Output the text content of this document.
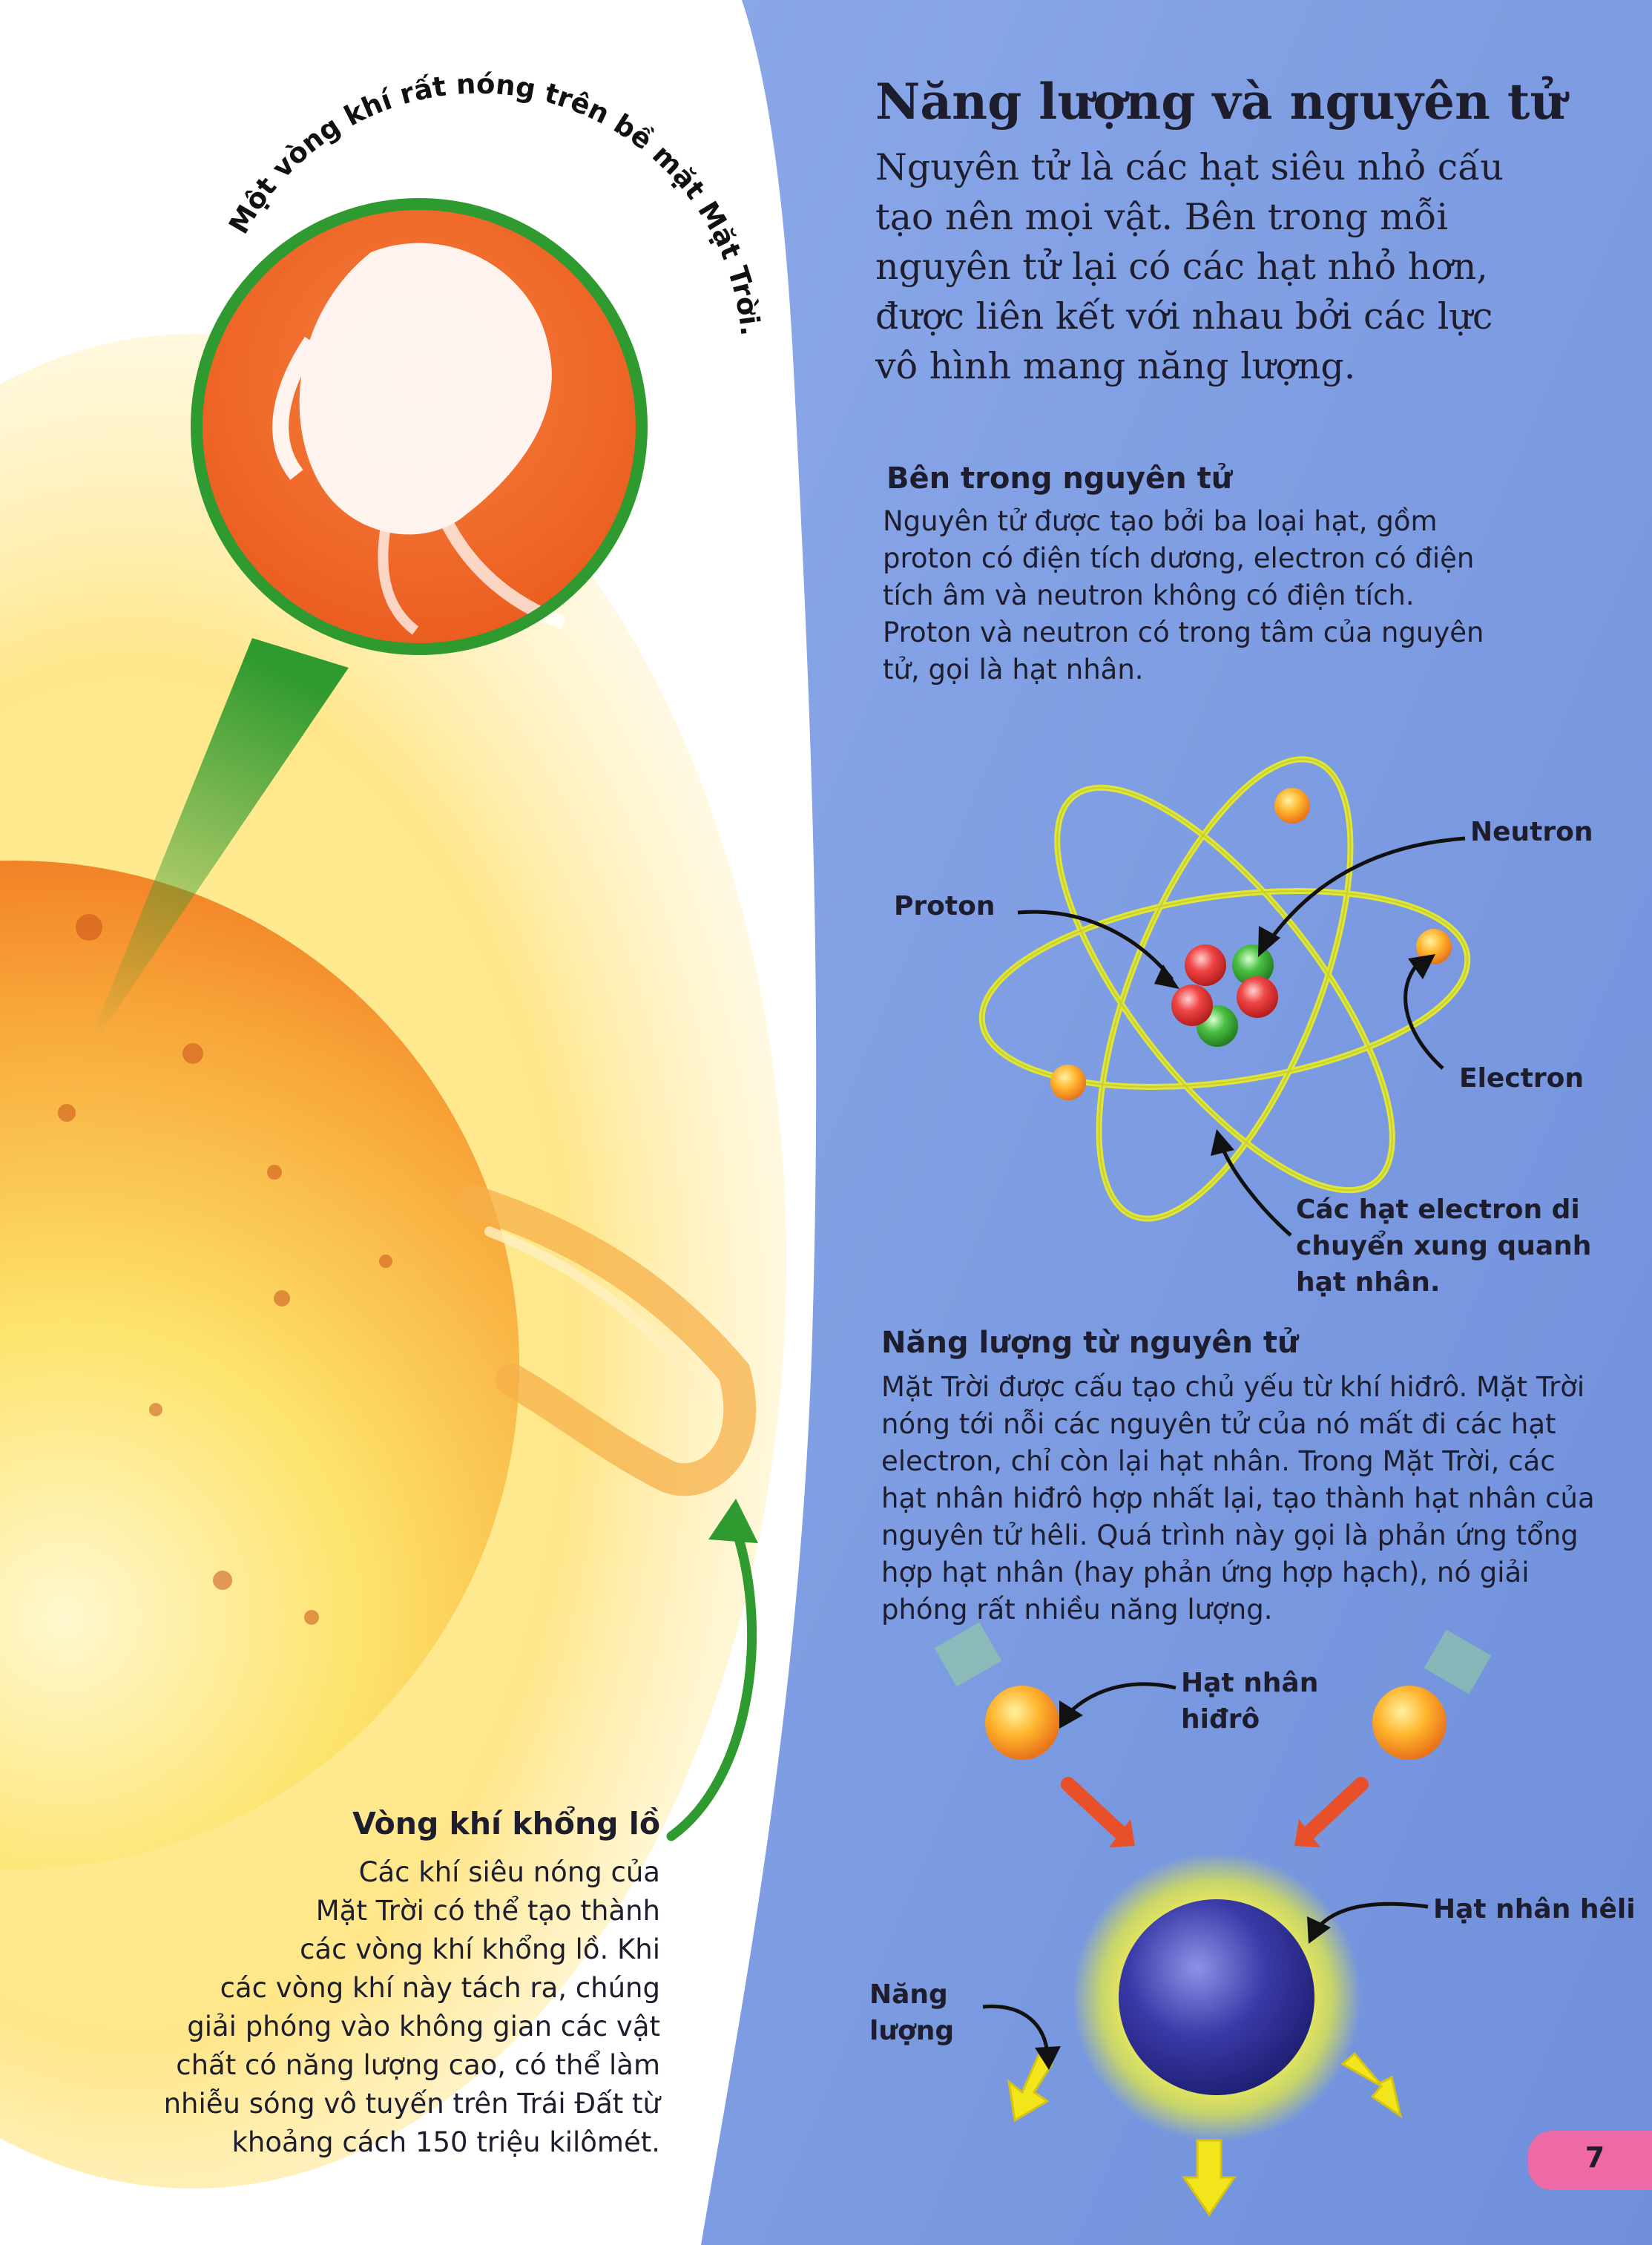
Một vòng khí rất nóng trên bề mặt Mặt Trời.
Năng lượng và nguyên tử
Nguyên tử là các hạt siêu nhỏ cấu tạo nên mọi vật. Bên trong mỗi nguyên tử lại có các hạt nhỏ hơn, được liên kết với nhau bởi các lực vô hình mang năng lượng.
Bên trong nguyên tử
Nguyên tử được tạo bởi ba loại hạt, gồm proton có điện tích dương, electron có điện tích âm và neutron không có điện tích. Proton và neutron có trong tâm của nguyên tử, gọi là hạt nhân.
Neutron
Proton
Electron
Các hạt electron di
chuyển xung quanh
hạt nhân.
Năng lượng từ nguyên tử
Mặt Trời được cấu tạo chủ yếu từ khí hiđrô. Mặt Trời nóng tới nỗi các nguyên tử của nó mất đi các hạt electron, chỉ còn lại hạt nhân. Trong Mặt Trời, các hạt nhân hiđrô hợp nhất lại, tạo thành hạt nhân của nguyên tử hêli. Quá trình này gọi là phản ứng tổng hợp hạt nhân (hay phản ứng hợp hạch), nó giải phóng rất nhiều năng lượng.
Hạt nhân
hiđrô
Hạt nhân hêli
Năng
lượng
Vòng khí khổng lồ
Các khí siêu nóng của
Mặt Trời có thể tạo thành
các vòng khí khổng lồ. Khi
các vòng khí này tách ra, chúng
giải phóng vào không gian các vật
chất có năng lượng cao, có thể làm
nhiễu sóng vô tuyến trên Trái Đất từ
khoảng cách 150 triệu kilômét.	7
